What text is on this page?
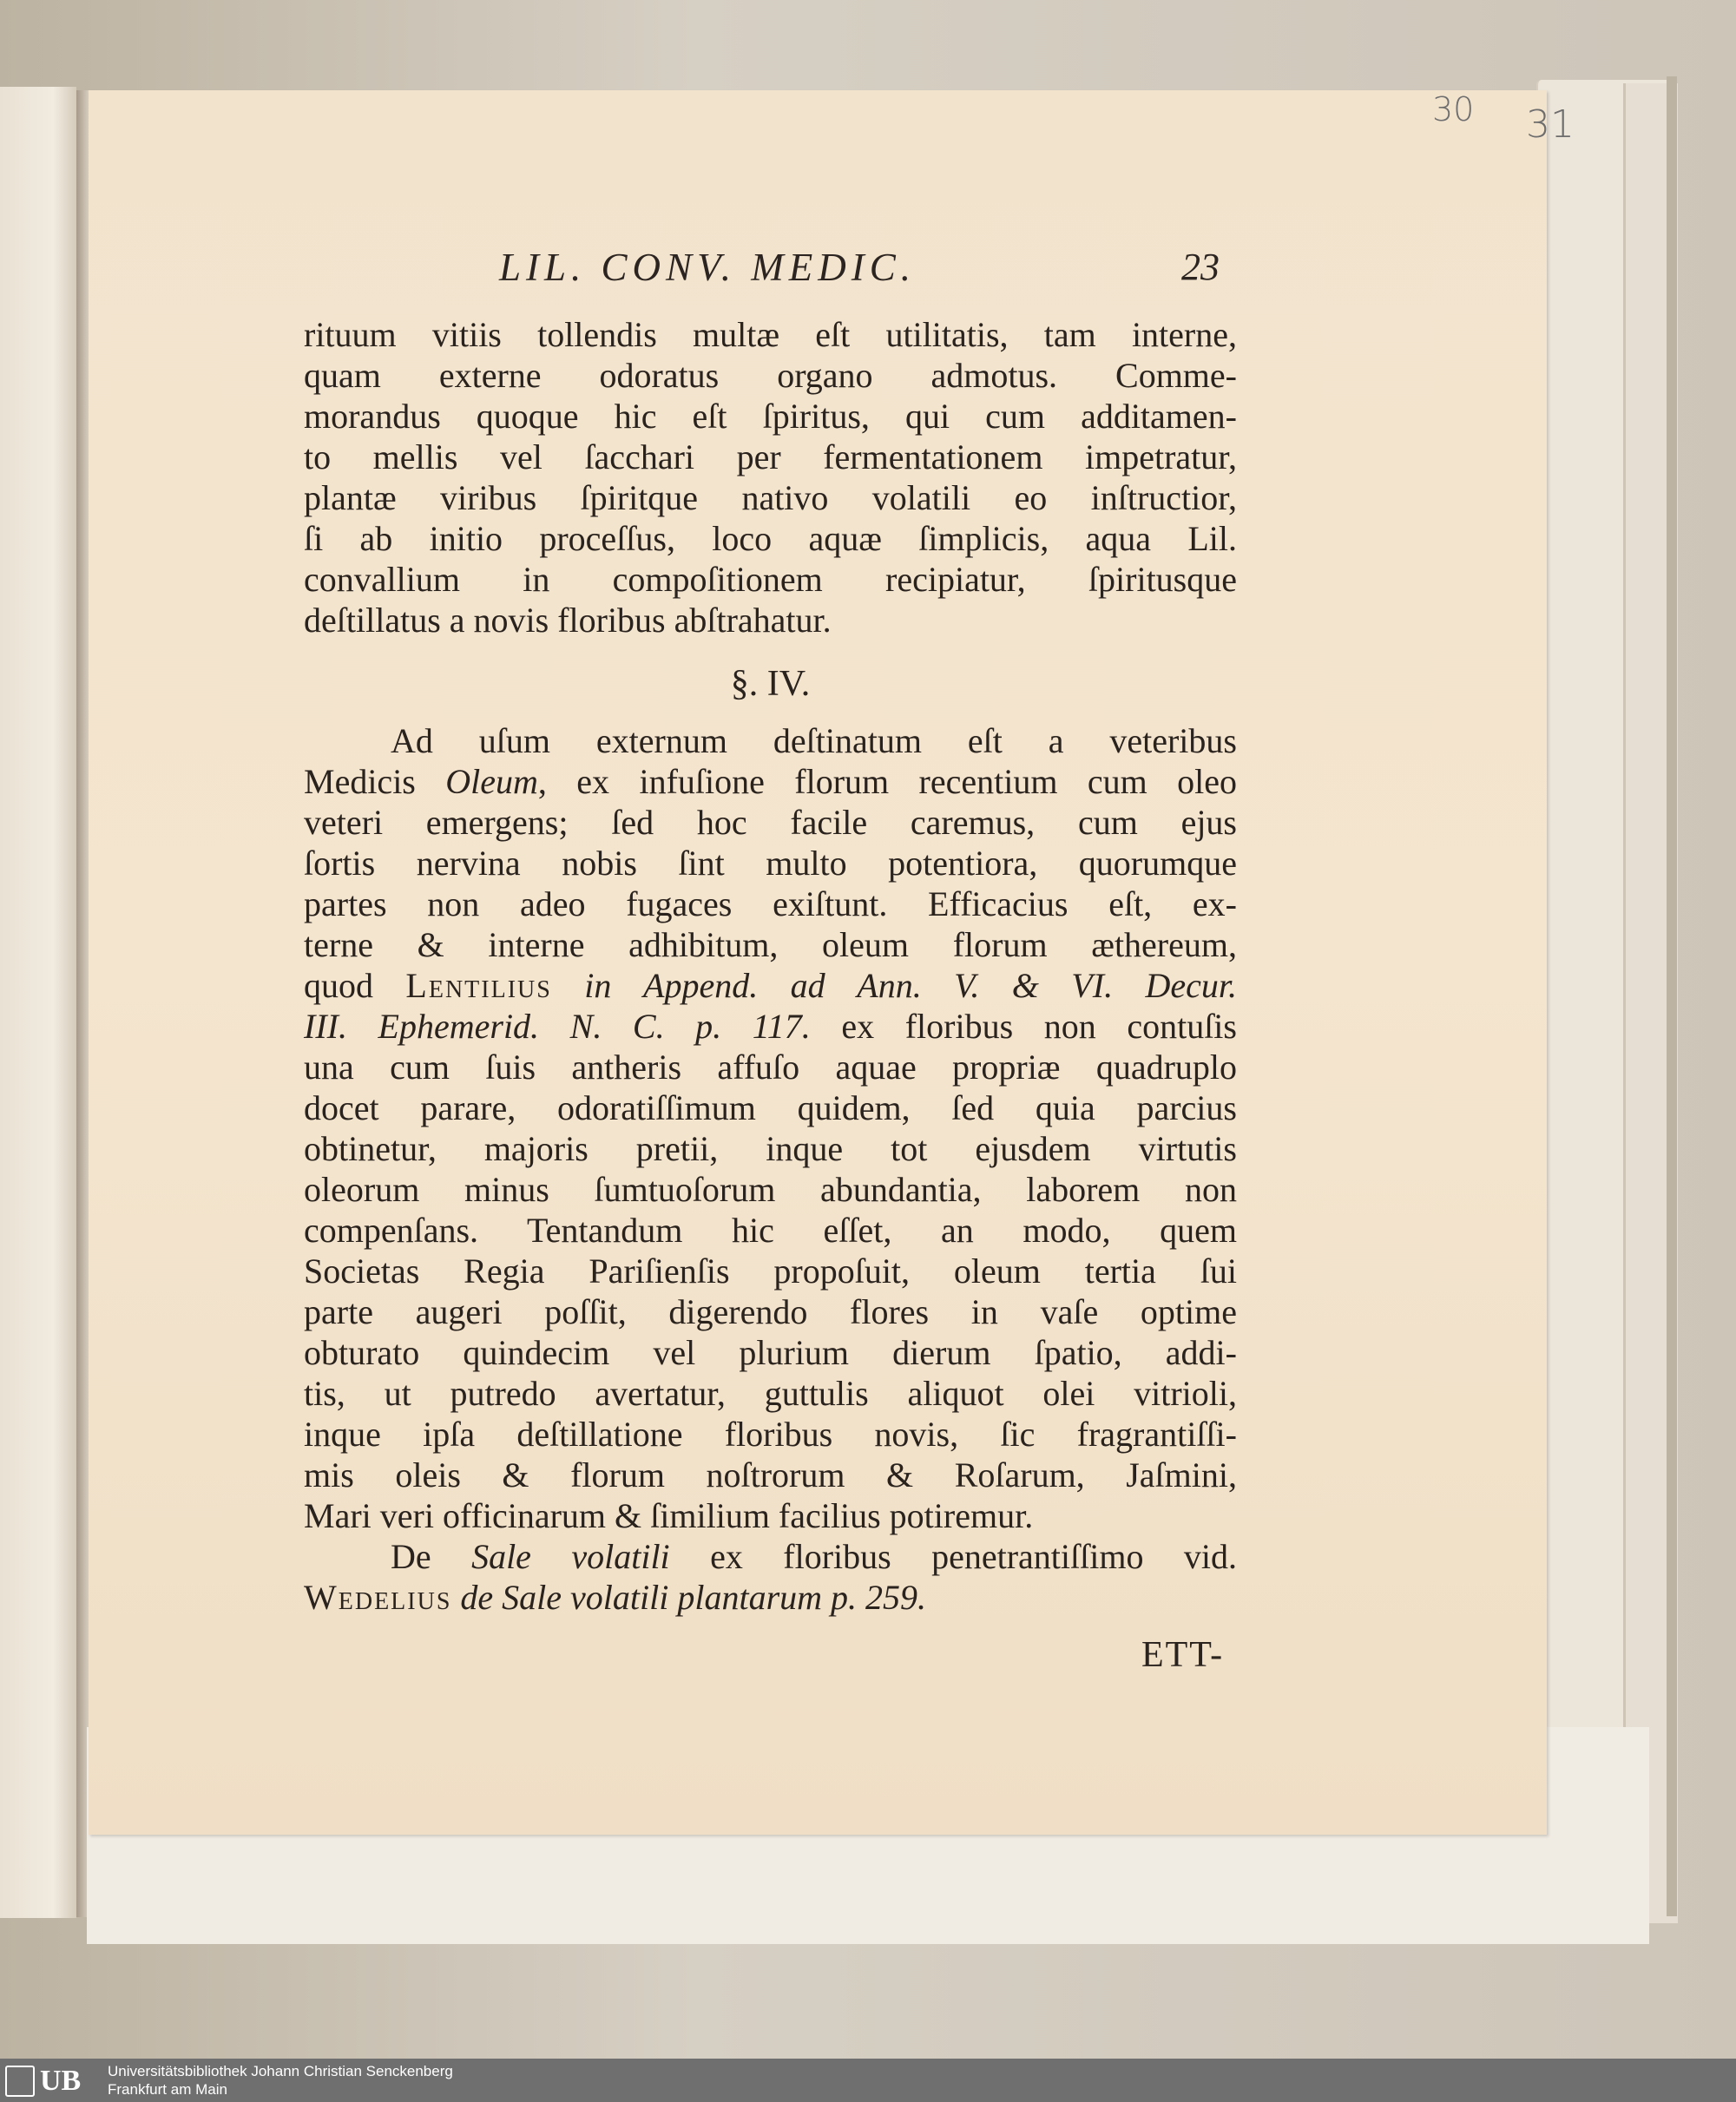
30 31
LIL. CONV. MEDIC.	23
rituum vitiis tollendis multæ eſt utilitatis, tam interne,
quam externe odoratus organo admotus. Comme-
morandus quoque hic eſt ſpiritus, qui cum additamen-
to mellis vel ſacchari per fermentationem impetratur,
plantæ viribus ſpiritque nativo volatili eo inſtructior,
ſi ab initio proceſſus, loco aquæ ſimplicis, aqua Lil.
convallium in compoſitionem recipiatur, ſpiritusque
deſtillatus a novis floribus abſtrahatur.
§. IV.
Ad uſum externum deſtinatum eſt a veteribus
Medicis Oleum, ex infuſione florum recentium cum oleo
veteri emergens; ſed hoc facile caremus, cum ejus
ſortis nervina nobis ſint multo potentiora, quorumque
partes non adeo fugaces exiſtunt. Efficacius eſt, ex-
terne & interne adhibitum, oleum florum æthereum,
quod Lentilius in Append. ad Ann. V. & VI. Decur.
III. Ephemerid. N. C. p. 117. ex floribus non contuſis
una cum ſuis antheris affuſo aquae propriæ quadruplo
docet parare, odoratiſſimum quidem, ſed quia parcius
obtinetur, majoris pretii, inque tot ejusdem virtutis
oleorum minus ſumtuoſorum abundantia, laborem non
compenſans. Tentandum hic eſſet, an modo, quem
Societas Regia Pariſienſis propoſuit, oleum tertia ſui
parte augeri poſſit, digerendo flores in vaſe optime
obturato quindecim vel plurium dierum ſpatio, addi-
tis, ut putredo avertatur, guttulis aliquot olei vitrioli,
inque ipſa deſtillatione floribus novis, ſic fragrantiſſi-
mis oleis & florum noſtrorum & Roſarum, Jaſmini,
Mari veri officinarum & ſimilium facilius potiremur.
De Sale volatili ex floribus penetrantiſſimo vid.
Wedelius de Sale volatili plantarum p. 259.
ETT-
UB Universitätsbibliothek Johann Christian Senckenberg
Frankfurt am Main
